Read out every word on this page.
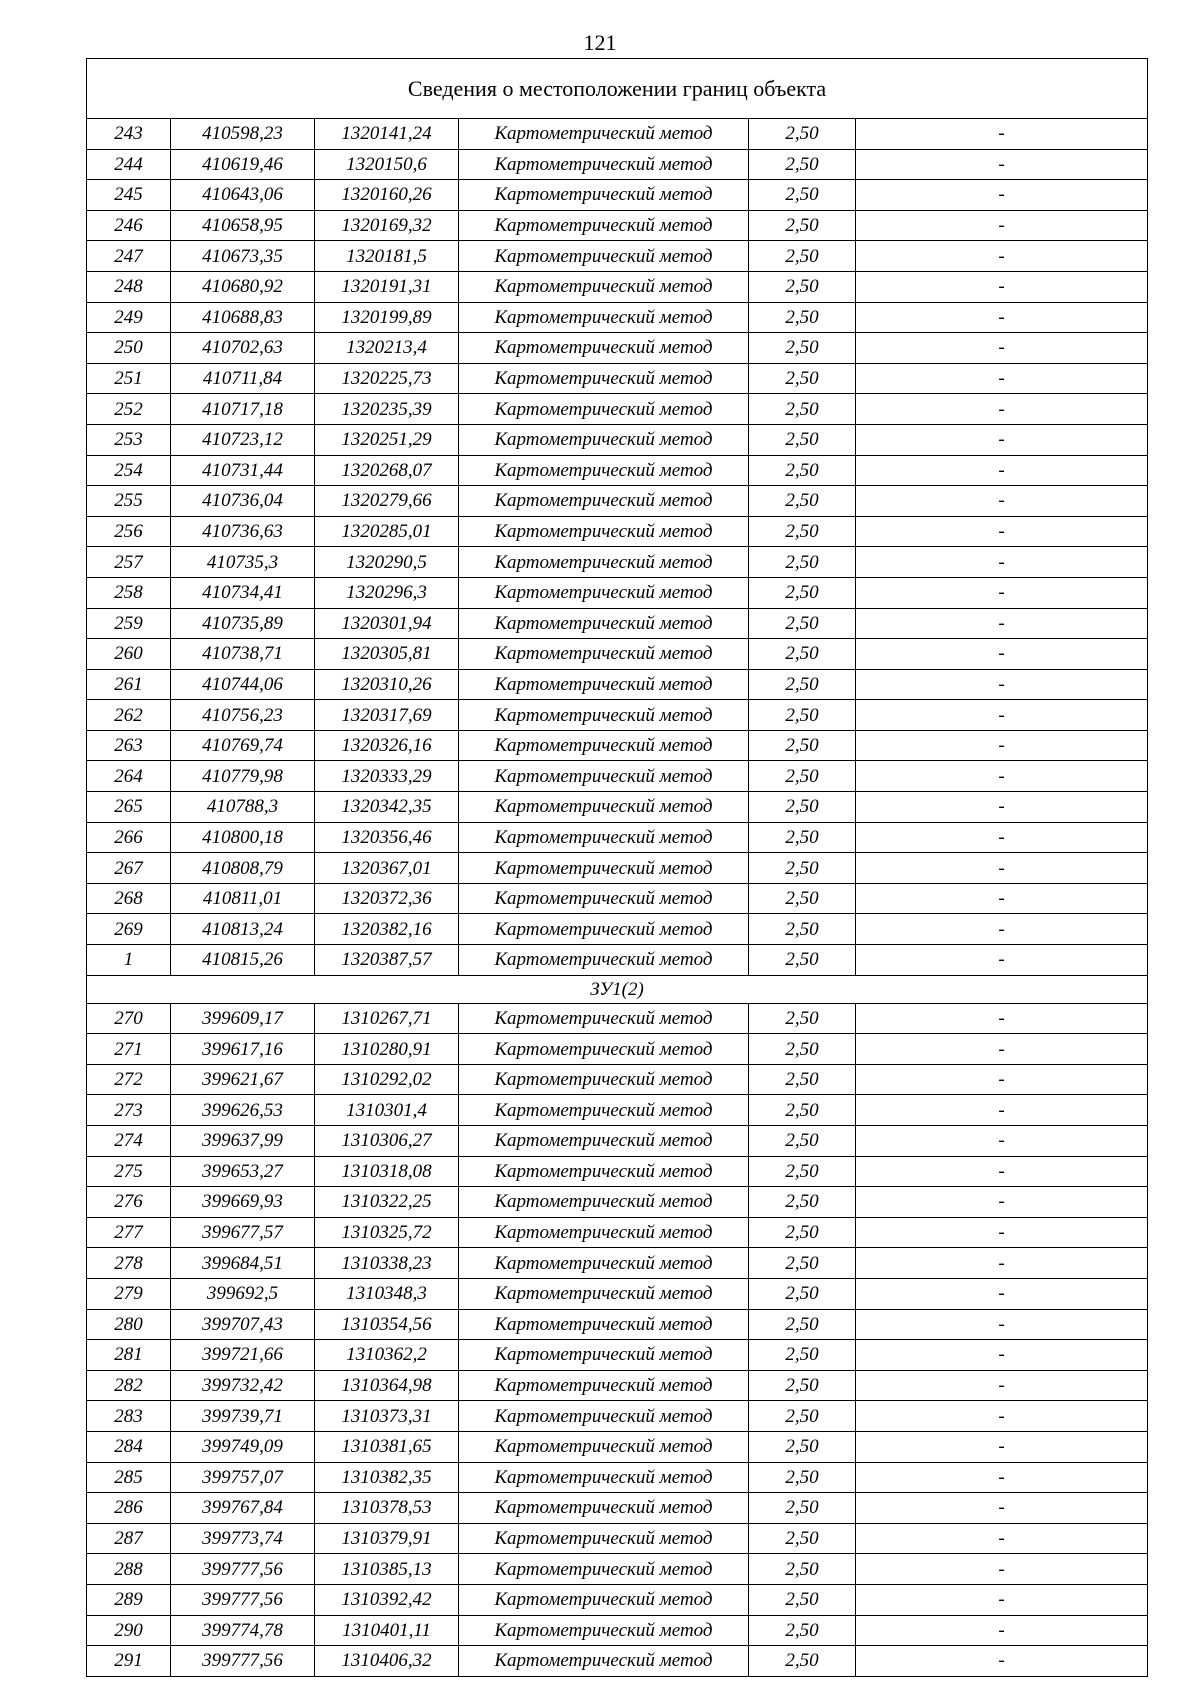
121
Сведения о местоположении границ объекта					
243	410598,23	1320141,24	Картометрический метод	2,50	-
244	410619,46	1320150,6	Картометрический метод	2,50	-
245	410643,06	1320160,26	Картометрический метод	2,50	-
246	410658,95	1320169,32	Картометрический метод	2,50	-
247	410673,35	1320181,5	Картометрический метод	2,50	-
248	410680,92	1320191,31	Картометрический метод	2,50	-
249	410688,83	1320199,89	Картометрический метод	2,50	-
250	410702,63	1320213,4	Картометрический метод	2,50	-
251	410711,84	1320225,73	Картометрический метод	2,50	-
252	410717,18	1320235,39	Картометрический метод	2,50	-
253	410723,12	1320251,29	Картометрический метод	2,50	-
254	410731,44	1320268,07	Картометрический метод	2,50	-
255	410736,04	1320279,66	Картометрический метод	2,50	-
256	410736,63	1320285,01	Картометрический метод	2,50	-
257	410735,3	1320290,5	Картометрический метод	2,50	-
258	410734,41	1320296,3	Картометрический метод	2,50	-
259	410735,89	1320301,94	Картометрический метод	2,50	-
260	410738,71	1320305,81	Картометрический метод	2,50	-
261	410744,06	1320310,26	Картометрический метод	2,50	-
262	410756,23	1320317,69	Картометрический метод	2,50	-
263	410769,74	1320326,16	Картометрический метод	2,50	-
264	410779,98	1320333,29	Картометрический метод	2,50	-
265	410788,3	1320342,35	Картометрический метод	2,50	-
266	410800,18	1320356,46	Картометрический метод	2,50	-
267	410808,79	1320367,01	Картометрический метод	2,50	-
268	410811,01	1320372,36	Картометрический метод	2,50	-
269	410813,24	1320382,16	Картометрический метод	2,50	-
1	410815,26	1320387,57	Картометрический метод	2,50	-
ЗУ1(2)					
270	399609,17	1310267,71	Картометрический метод	2,50	-
271	399617,16	1310280,91	Картометрический метод	2,50	-
272	399621,67	1310292,02	Картометрический метод	2,50	-
273	399626,53	1310301,4	Картометрический метод	2,50	-
274	399637,99	1310306,27	Картометрический метод	2,50	-
275	399653,27	1310318,08	Картометрический метод	2,50	-
276	399669,93	1310322,25	Картометрический метод	2,50	-
277	399677,57	1310325,72	Картометрический метод	2,50	-
278	399684,51	1310338,23	Картометрический метод	2,50	-
279	399692,5	1310348,3	Картометрический метод	2,50	-
280	399707,43	1310354,56	Картометрический метод	2,50	-
281	399721,66	1310362,2	Картометрический метод	2,50	-
282	399732,42	1310364,98	Картометрический метод	2,50	-
283	399739,71	1310373,31	Картометрический метод	2,50	-
284	399749,09	1310381,65	Картометрический метод	2,50	-
285	399757,07	1310382,35	Картометрический метод	2,50	-
286	399767,84	1310378,53	Картометрический метод	2,50	-
287	399773,74	1310379,91	Картометрический метод	2,50	-
288	399777,56	1310385,13	Картометрический метод	2,50	-
289	399777,56	1310392,42	Картометрический метод	2,50	-
290	399774,78	1310401,11	Картометрический метод	2,50	-
291	399777,56	1310406,32	Картометрический метод	2,50	-
